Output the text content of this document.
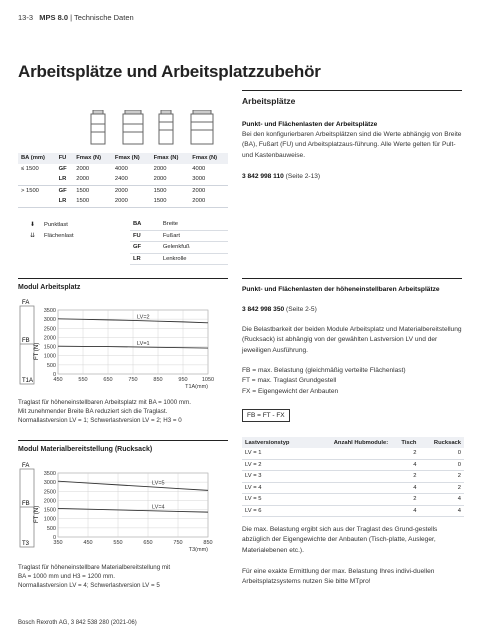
13-3 MPS 8.0 | Technische Daten
Arbeitsplätze und Arbeitsplatzzubehör
Arbeitsplätze
Punkt- und Flächenlasten der Arbeitsplätze
Bei den konfigurierbaren Arbeitsplätzen sind die Werte abhängig von Breite (BA), Fußart (FU) und Arbeitsplatzaus-führung. Alle Werte gelten für Pult- und Kastenbauweise.
3 842 998 110 (Seite 2-13)
BA (mm)	FU	Fmax (N)	Fmax (N)	Fmax (N)	Fmax (N)
≤ 1500	GF	2000	4000	2000	4000
	LR	2000	2400	2000	3000
> 1500	GF	1500	2000	1500	2000
	LR	1500	2000	1500	2000
⬇ Punktlast
⇊ Flächenlast
BA	Breite
FU	Fußart
GF	Gelenkfuß
LR	Lenkrolle
Modul Arbeitsplatz
FA
FB
T1A
FT (N)
0
500
1000
1500
2000
2500
3000
3500
450	550	650	750	850	950	1050
T1A(mm)
LV=2
LV=1
Traglast für höheneinstellbaren Arbeitsplatz mit BA = 1000 mm.
Mit zunehmender Breite BA reduziert sich die Traglast.
Normallastversion LV = 1; Schwerlastversion LV = 2; H3 = 0
Modul Materialbereitstellung (Rucksack)
FA
FB
T3
FT (N)
0
500
1000
1500
2000
2500
3000
3500
350	450	550	650	750	850
T3(mm)
LV=5
LV=4
Traglast für höheneinstellbare Materialbereitstellung mit
BA = 1000 mm und H3 = 1200 mm.
Normallastversion LV = 4; Schwerlastversion LV = 5
Punkt- und Flächenlasten der höheneinstellbaren Arbeitsplätze
3 842 998 350 (Seite 2-5)
Die Belastbarkeit der beiden Module Arbeitsplatz und Materialbereitstellung (Rucksack) ist abhängig von der gewählten Lastversion LV und der jeweiligen Ausführung.
FB = max. Belastung (gleichmäßig verteilte Flächenlast)
FT = max. Traglast Grundgestell
FX = Eigengewicht der Anbauten
FB = FT - FX
Lastversionstyp	Anzahl Hubmodule:	Tisch	Rucksack
LV = 1		2	0
LV = 2		4	0
LV = 3		2	2
LV = 4		4	2
LV = 5		2	4
LV = 6		4	4
Die max. Belastung ergibt sich aus der Traglast des Grund-gestells abzüglich der Eigengewichte der Anbauten (Tisch-platte, Ausleger, Materialebenen etc.).
Für eine exakte Ermittlung der max. Belastung Ihres indivi-duellen Arbeitsplatzsystems nutzen Sie bitte MTpro!
Bosch Rexroth AG, 3 842 538 280 (2021-06)
